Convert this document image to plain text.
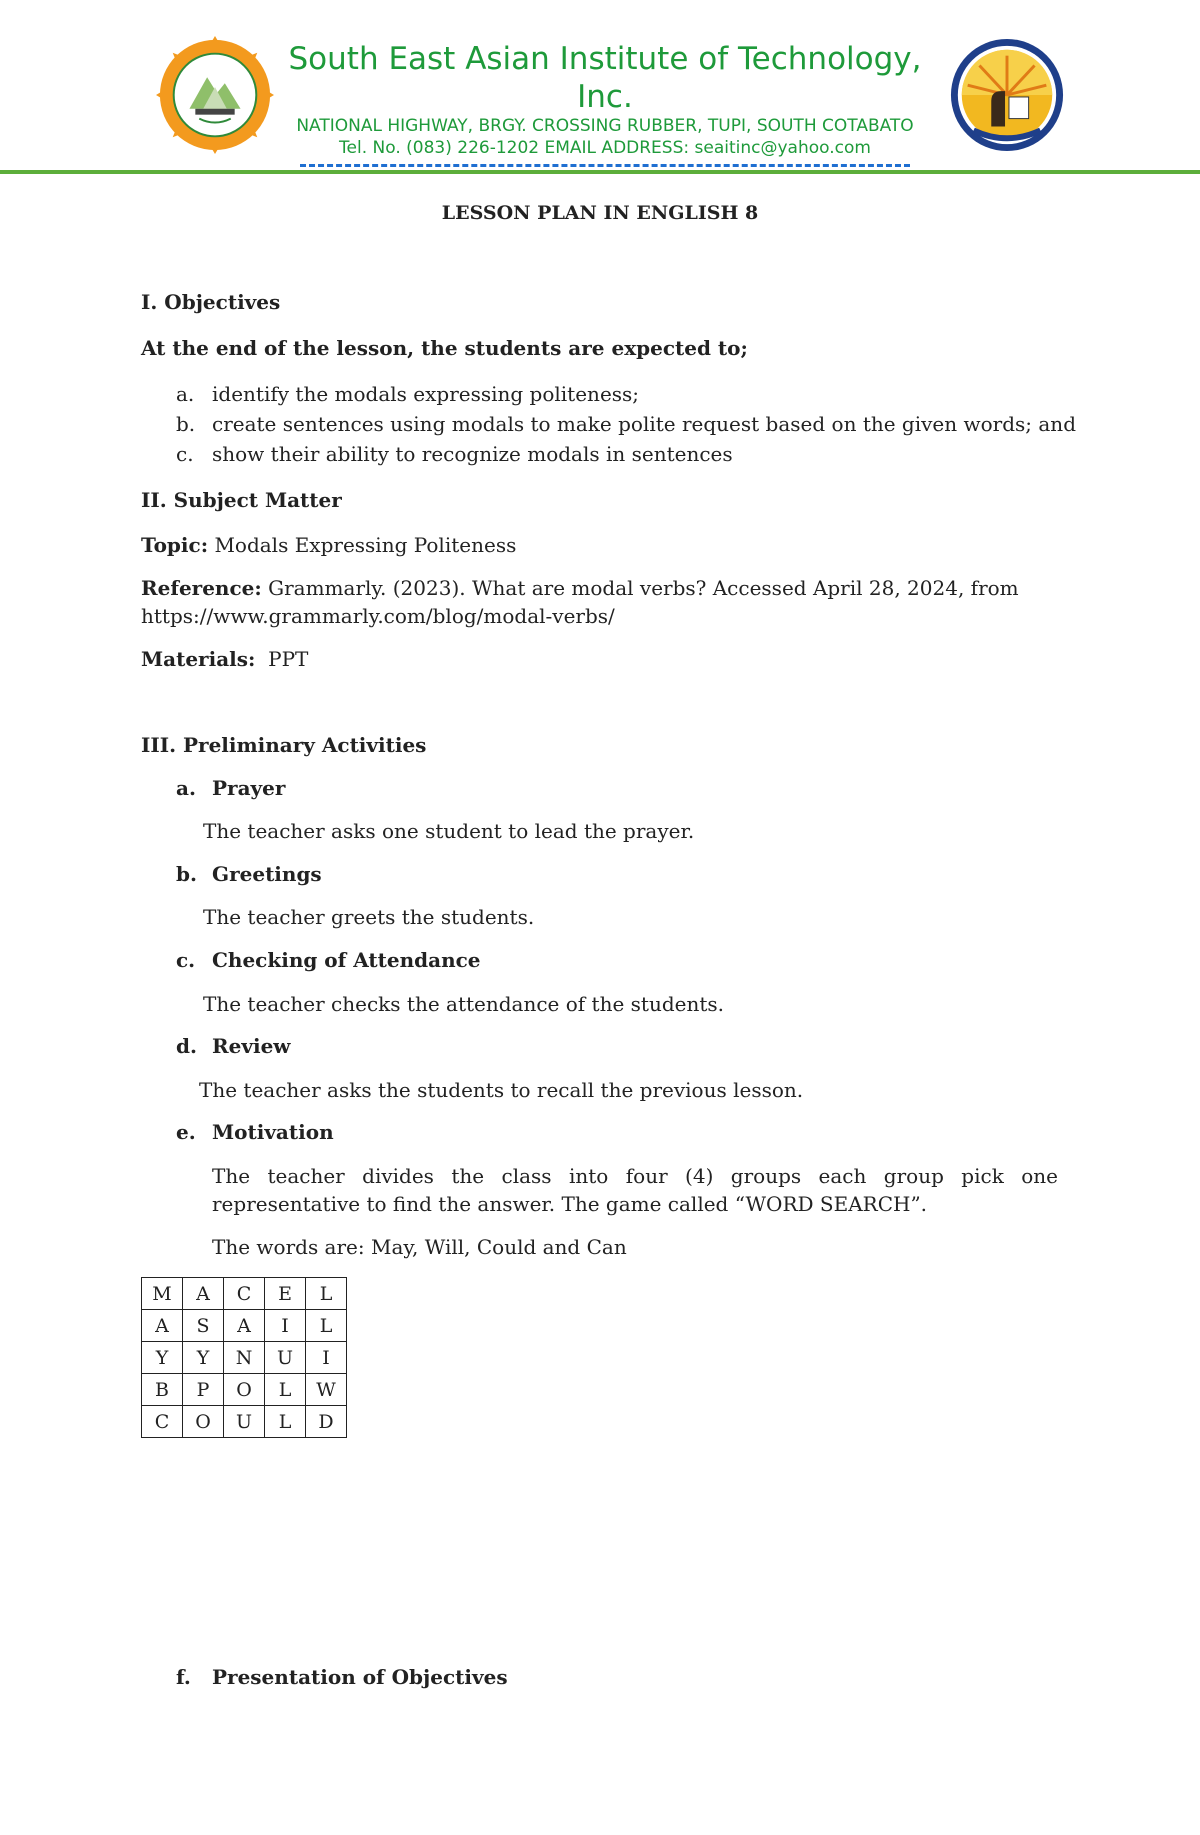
South East Asian Institute of Technology, Inc.
NATIONAL HIGHWAY, BRGY. CROSSING RUBBER, TUPI, SOUTH COTABATO
Tel. No. (083) 226-1202 EMAIL ADDRESS: seaitinc@yahoo.com
LESSON PLAN IN ENGLISH 8
I. Objectives
At the end of the lesson, the students are expected to;
a. identify the modals expressing politeness;
b. create sentences using modals to make polite request based on the given words; and
c. show their ability to recognize modals in sentences
II. Subject Matter
Topic: Modals Expressing Politeness
Reference: Grammarly. (2023). What are modal verbs? Accessed April 28, 2024, from
https://www.grammarly.com/blog/modal-verbs/
Materials: PPT
III. Preliminary Activities
a. Prayer
The teacher asks one student to lead the prayer.
b. Greetings
The teacher greets the students.
c. Checking of Attendance
The teacher checks the attendance of the students.
d. Review
The teacher asks the students to recall the previous lesson.
e. Motivation
The teacher divides the class into four (4) groups each group pick one representative to find the answer. The game called “WORD SEARCH”.
The words are: May, Will, Could and Can
M	A	C	E	L
A	S	A	I	L
Y	Y	N	U	I
B	P	O	L	W
C	O	U	L	D
f. Presentation of Objectives
